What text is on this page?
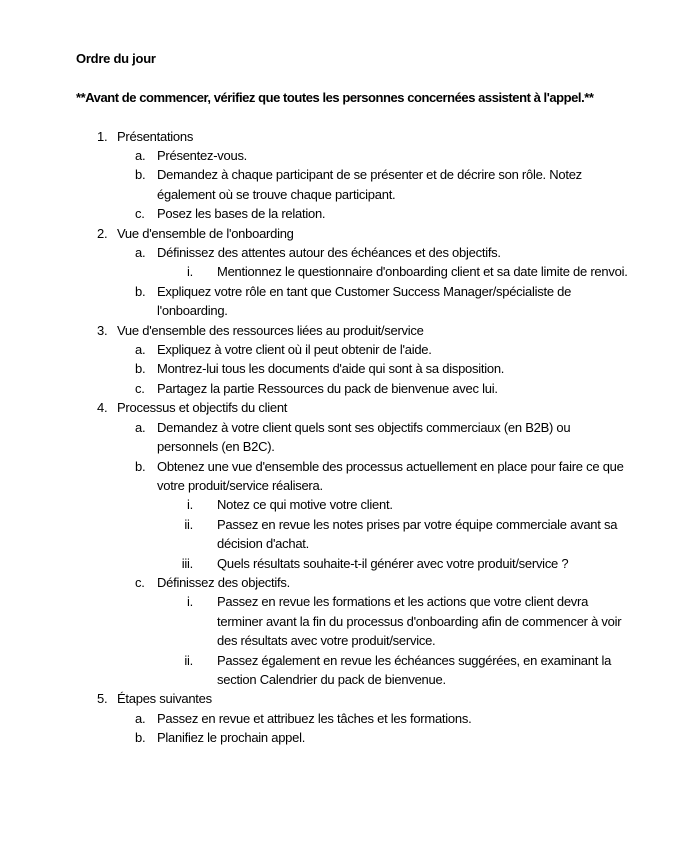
Ordre du jour

**Avant de commencer, vérifiez que toutes les personnes concernées assistent à l'appel.**

1. Présentations
a. Présentez-vous.
b. Demandez à chaque participant de se présenter et de décrire son rôle. Notez également où se trouve chaque participant.
c. Posez les bases de la relation.
2. Vue d'ensemble de l'onboarding
a. Définissez des attentes autour des échéances et des objectifs.
i.	Mentionnez le questionnaire d'onboarding client et sa date limite de renvoi.
b. Expliquez votre rôle en tant que Customer Success Manager/spécialiste de l'onboarding.
3. Vue d'ensemble des ressources liées au produit/service
a. Expliquez à votre client où il peut obtenir de l'aide.
b. Montrez-lui tous les documents d'aide qui sont à sa disposition.
c. Partagez la partie Ressources du pack de bienvenue avec lui.
4. Processus et objectifs du client
a. Demandez à votre client quels sont ses objectifs commerciaux (en B2B) ou personnels (en B2C).
b. Obtenez une vue d'ensemble des processus actuellement en place pour faire ce que votre produit/service réalisera.
i.	Notez ce qui motive votre client.
ii.	Passez en revue les notes prises par votre équipe commerciale avant sa décision d'achat.
iii.	Quels résultats souhaite-t-il générer avec votre produit/service ?
c. Définissez des objectifs.
i.	Passez en revue les formations et les actions que votre client devra terminer avant la fin du processus d'onboarding afin de commencer à voir des résultats avec votre produit/service.
ii.	Passez également en revue les échéances suggérées, en examinant la section Calendrier du pack de bienvenue.
5. Étapes suivantes
a. Passez en revue et attribuez les tâches et les formations.
b. Planifiez le prochain appel.
